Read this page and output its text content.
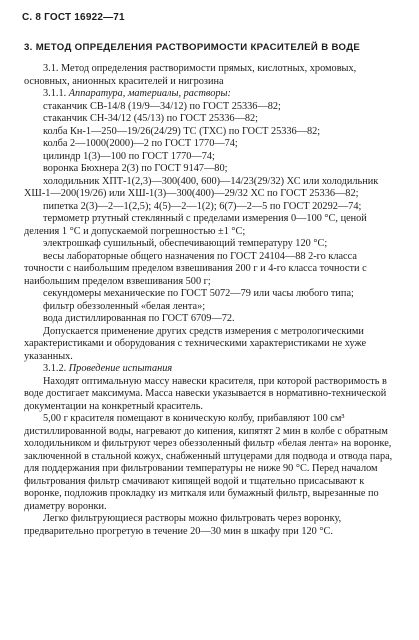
С. 8 ГОСТ 16922—71
3. МЕТОД ОПРЕДЕЛЕНИЯ РАСТВОРИМОСТИ КРАСИТЕЛЕЙ В ВОДЕ

3.1. Метод определения растворимости прямых, кислотных, хромовых, основных, анионных красителей и нигрозина

3.1.1. Аппаратура, материалы, растворы:

стаканчик СВ-14/8 (19/9—34/12) по ГОСТ 25336—82;

стаканчик СН-34/12 (45/13) по ГОСТ 25336—82;

колба Кн-1—250—19/26(24/29) ТС (ТХС) по ГОСТ 25336—82;

колба 2—1000(2000)—2 по ГОСТ 1770—74;

цилиндр 1(3)—100 по ГОСТ 1770—74;

воронка Бюхнера 2(3) по ГОСТ 9147—80;

холодильник ХПТ-1(2,3)—300(400, 600)—14/23(29/32) ХС или холодильник ХШ-1—200(19/26) или ХШ-1(3)—300(400)—29/32 ХС по ГОСТ 25336—82;

пипетка 2(3)—2—1(2,5); 4(5)—2—1(2); 6(7)—2—5 по ГОСТ 20292—74;

термометр ртутный стеклянный с пределами измерения 0—100 °С, ценой деления 1 °С и допускаемой погрешностью ±1 °С;

электрошкаф сушильный, обеспечивающий температуру 120 °С;

весы лабораторные общего назначения по ГОСТ 24104—88 2-го класса точности с наибольшим пределом взвешивания 200 г и 4-го класса точности с наибольшим пределом взвешивания 500 г;

секундомеры механические по ГОСТ 5072—79 или часы любого типа;

фильтр обеззоленный «белая лента»;

вода дистиллированная по ГОСТ 6709—72.

Допускается применение других средств измерения с метрологическими характеристиками и оборудования с техническими характеристиками не хуже указанных.

3.1.2. Проведение испытания

Находят оптимальную массу навески красителя, при которой растворимость в воде достигает максимума. Масса навески указывается в нормативно-технической документации на конкретный краситель.

5,00 г красителя помещают в коническую колбу, прибавляют 100 см³ дистиллированной воды, нагревают до кипения, кипятят 2 мин в колбе с обратным холодильником и фильтруют через обеззоленный фильтр «белая лента» на воронке, заключенной в стальной кожух, снабженный штуцерами для подвода и отвода пара, для поддержания при фильтровании температуры не ниже 90 °С. Перед началом фильтрования фильтр смачивают кипящей водой и тщательно присасывают к воронке, подложив прокладку из миткаля или бумажный фильтр, вырезанные по диаметру воронки.

Легко фильтрующиеся растворы можно фильтровать через воронку, предварительно прогретую в течение 20—30 мин в шкафу при 120 °С.
